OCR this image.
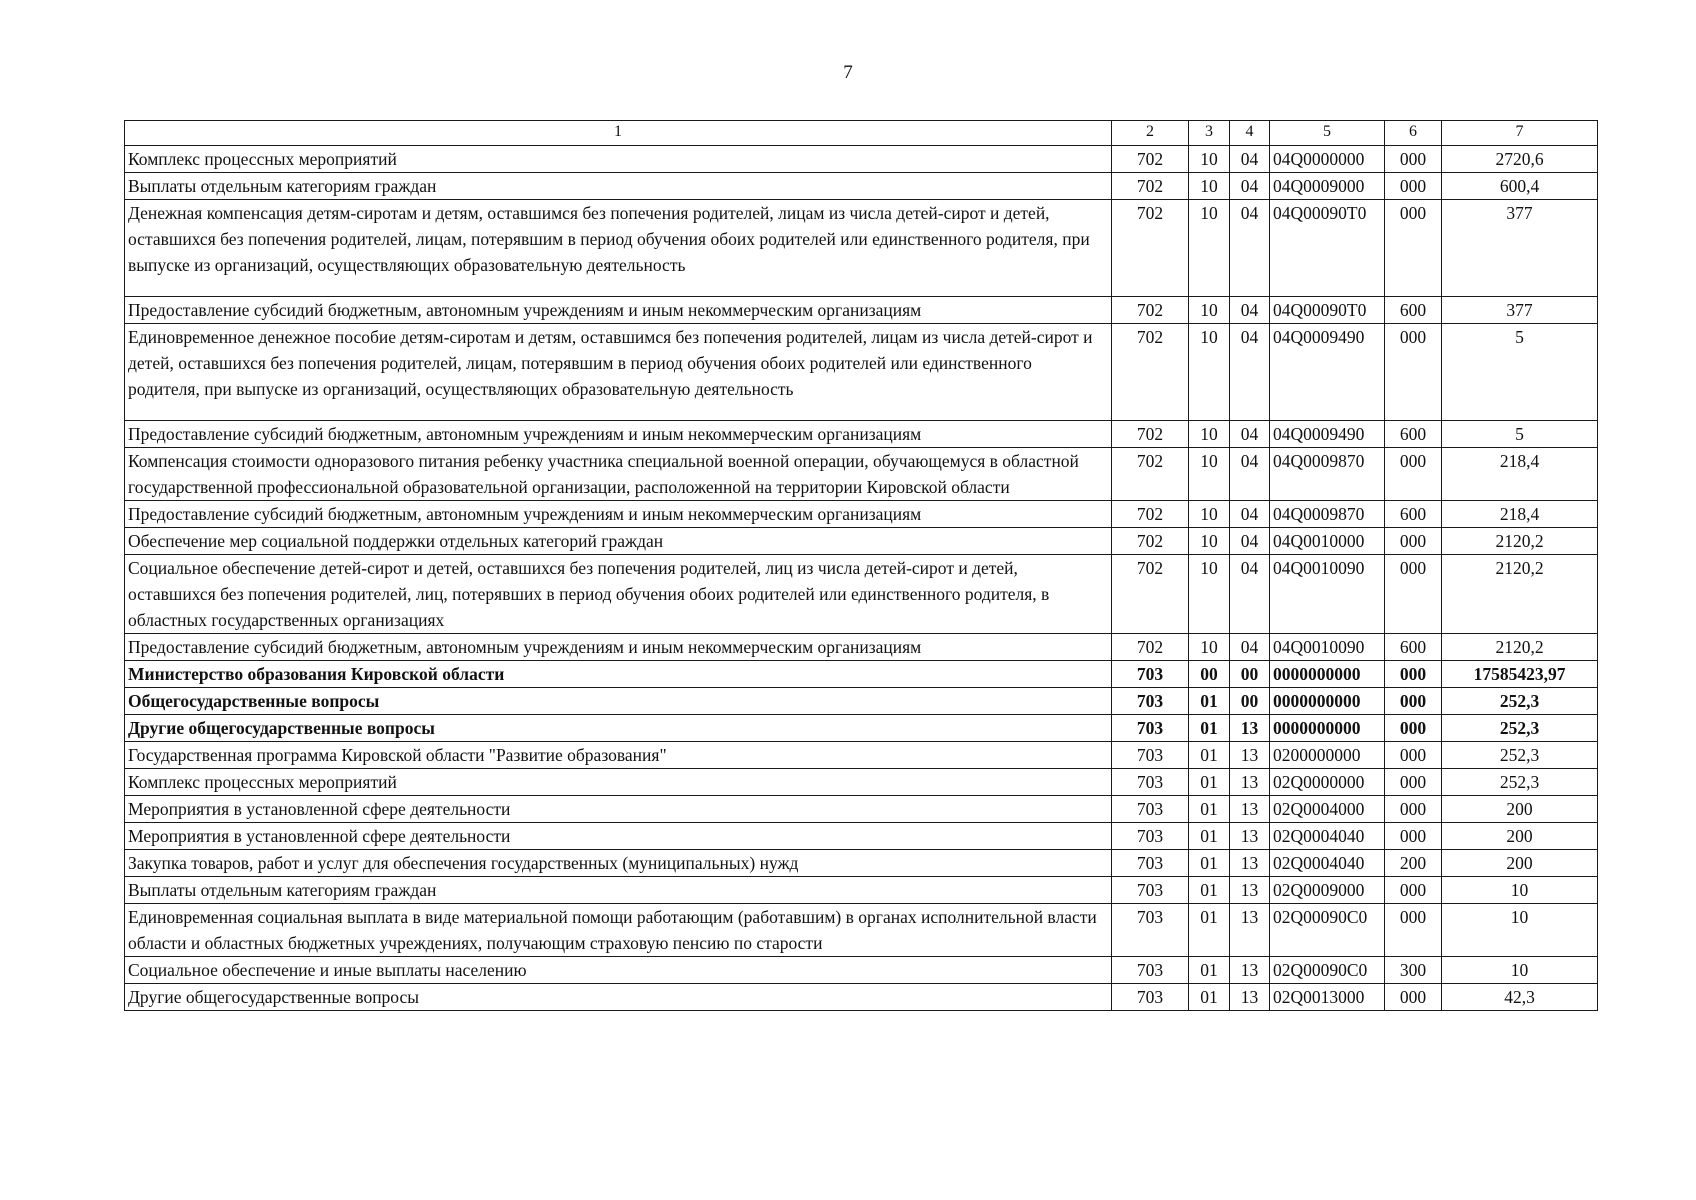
7
1	2	3	4	5	6	7
Комплекс процессных мероприятий	702	10	04	04Q0000000	000	2720,6
Выплаты отдельным категориям граждан	702	10	04	04Q0009000	000	600,4
Денежная компенсация детям-сиротам и детям, оставшимся без попечения родителей, лицам из числа детей-сирот и детей, оставшихся без попечения родителей, лицам, потерявшим в период обучения обоих родителей или единственного родителя, при выпуске из организаций, осуществляющих образовательную деятельность	702	10	04	04Q00090T0	000	377
Предоставление субсидий бюджетным, автономным учреждениям и иным некоммерческим организациям	702	10	04	04Q00090T0	600	377
Единовременное денежное пособие детям-сиротам и детям, оставшимся без попечения родителей, лицам из числа детей-сирот и детей, оставшихся без попечения родителей, лицам, потерявшим в период обучения обоих родителей или единственного родителя, при выпуске из организаций, осуществляющих образовательную деятельность	702	10	04	04Q0009490	000	5
Предоставление субсидий бюджетным, автономным учреждениям и иным некоммерческим организациям	702	10	04	04Q0009490	600	5
Компенсация стоимости одноразового питания ребенку участника специальной военной операции, обучающемуся в областной государственной профессиональной образовательной организации, расположенной на территории Кировской области	702	10	04	04Q0009870	000	218,4
Предоставление субсидий бюджетным, автономным учреждениям и иным некоммерческим организациям	702	10	04	04Q0009870	600	218,4
Обеспечение мер социальной поддержки отдельных категорий граждан	702	10	04	04Q0010000	000	2120,2
Социальное обеспечение детей-сирот и детей, оставшихся без попечения родителей, лиц из числа детей-сирот и детей, оставшихся без попечения родителей, лиц, потерявших в период обучения обоих родителей или единственного родителя, в областных государственных организациях	702	10	04	04Q0010090	000	2120,2
Предоставление субсидий бюджетным, автономным учреждениям и иным некоммерческим организациям	702	10	04	04Q0010090	600	2120,2
Министерство образования Кировской области	703	00	00	0000000000	000	17585423,97
Общегосударственные вопросы	703	01	00	0000000000	000	252,3
Другие общегосударственные вопросы	703	01	13	0000000000	000	252,3
Государственная программа Кировской области "Развитие образования"	703	01	13	0200000000	000	252,3
Комплекс процессных мероприятий	703	01	13	02Q0000000	000	252,3
Мероприятия в установленной сфере деятельности	703	01	13	02Q0004000	000	200
Мероприятия в установленной сфере деятельности	703	01	13	02Q0004040	000	200
Закупка товаров, работ и услуг для обеспечения государственных (муниципальных) нужд	703	01	13	02Q0004040	200	200
Выплаты отдельным категориям граждан	703	01	13	02Q0009000	000	10
Единовременная социальная выплата в виде материальной помощи работающим (работавшим) в органах исполнительной власти области и областных бюджетных учреждениях, получающим страховую пенсию по старости	703	01	13	02Q00090C0	000	10
Социальное обеспечение и иные выплаты населению	703	01	13	02Q00090C0	300	10
Другие общегосударственные вопросы	703	01	13	02Q0013000	000	42,3
